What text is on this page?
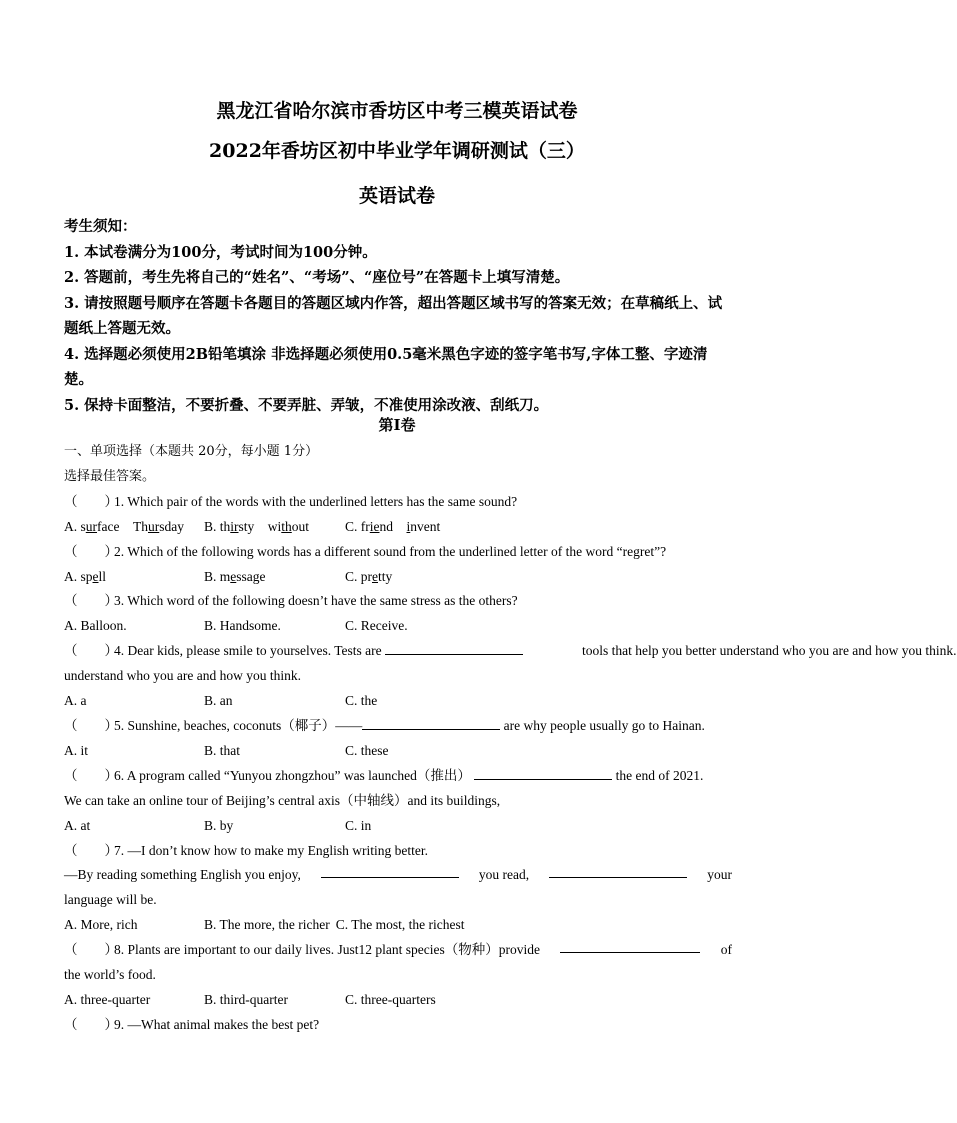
黑龙江省哈尔滨市香坊区中考三模英语试卷
2022年香坊区初中毕业学年调研测试（三）
英语试卷
考生须知：
1. 本试卷满分为100分，考试时间为100分钟。
2. 答题前，考生先将自己的“姓名”、“考场”、“座位号”在答题卡上填写清楚。
3. 请按照题号顺序在答题卡各题目的答题区域内作答，超出答题区域书写的答案无效；在草稿纸上、试题纸上答题无效。
4. 选择题必须使用2B铅笔填涂 非选择题必须使用0.5毫米黑色字迹的签字笔书写,字体工整、字迹清楚。
5. 保持卡面整洁，不要折叠、不要弄脏、弄皱，不准使用涂改液、刮纸刀。
第I卷
一、单项选择（本题共 20分，每小题 1分）
选择最佳答案。
（　　）1. Which pair of the words with the underlined letters has the same sound?
A. surface Thursday	B. thirsty without	C. friend invent
（　　）2. Which of the following words has a different sound from the underlined letter of the word “regret”?
A. spell	B. message	C. pretty
（　　）3. Which word of the following doesn’t have the same stress as the others?
A. Balloon.	B. Handsome.	C. Receive.
（　　）4. Dear kids, please smile to yourselves. Tests are	tools that help you better understand who you are and how you think.
understand who you are and how you think.
A. a	B. an	C. the
（　　）5. Sunshine, beaches, coconuts（椰子）——	are why people usually go to Hainan.
A. it	B. that	C. these
（　　）6. A program called “Yunyou zhongzhou” was launched（推出）	the end of 2021.
We can take an online tour of Beijing’s central axis（中轴线）and its buildings,
A. at	B. by	C. in
（　　）7. —I don’t know how to make my English writing better.
—By reading something English you enjoy,	you read,	your
language will be.
A. More, rich	B. The more, the richer C. The most, the richest
（　　）8. Plants are important to our daily lives. Just12 plant species（物种）provide	of
the world’s food.
A. three-quarter	B. third-quarter	C. three-quarters
（　　）9. —What animal makes the best pet?
